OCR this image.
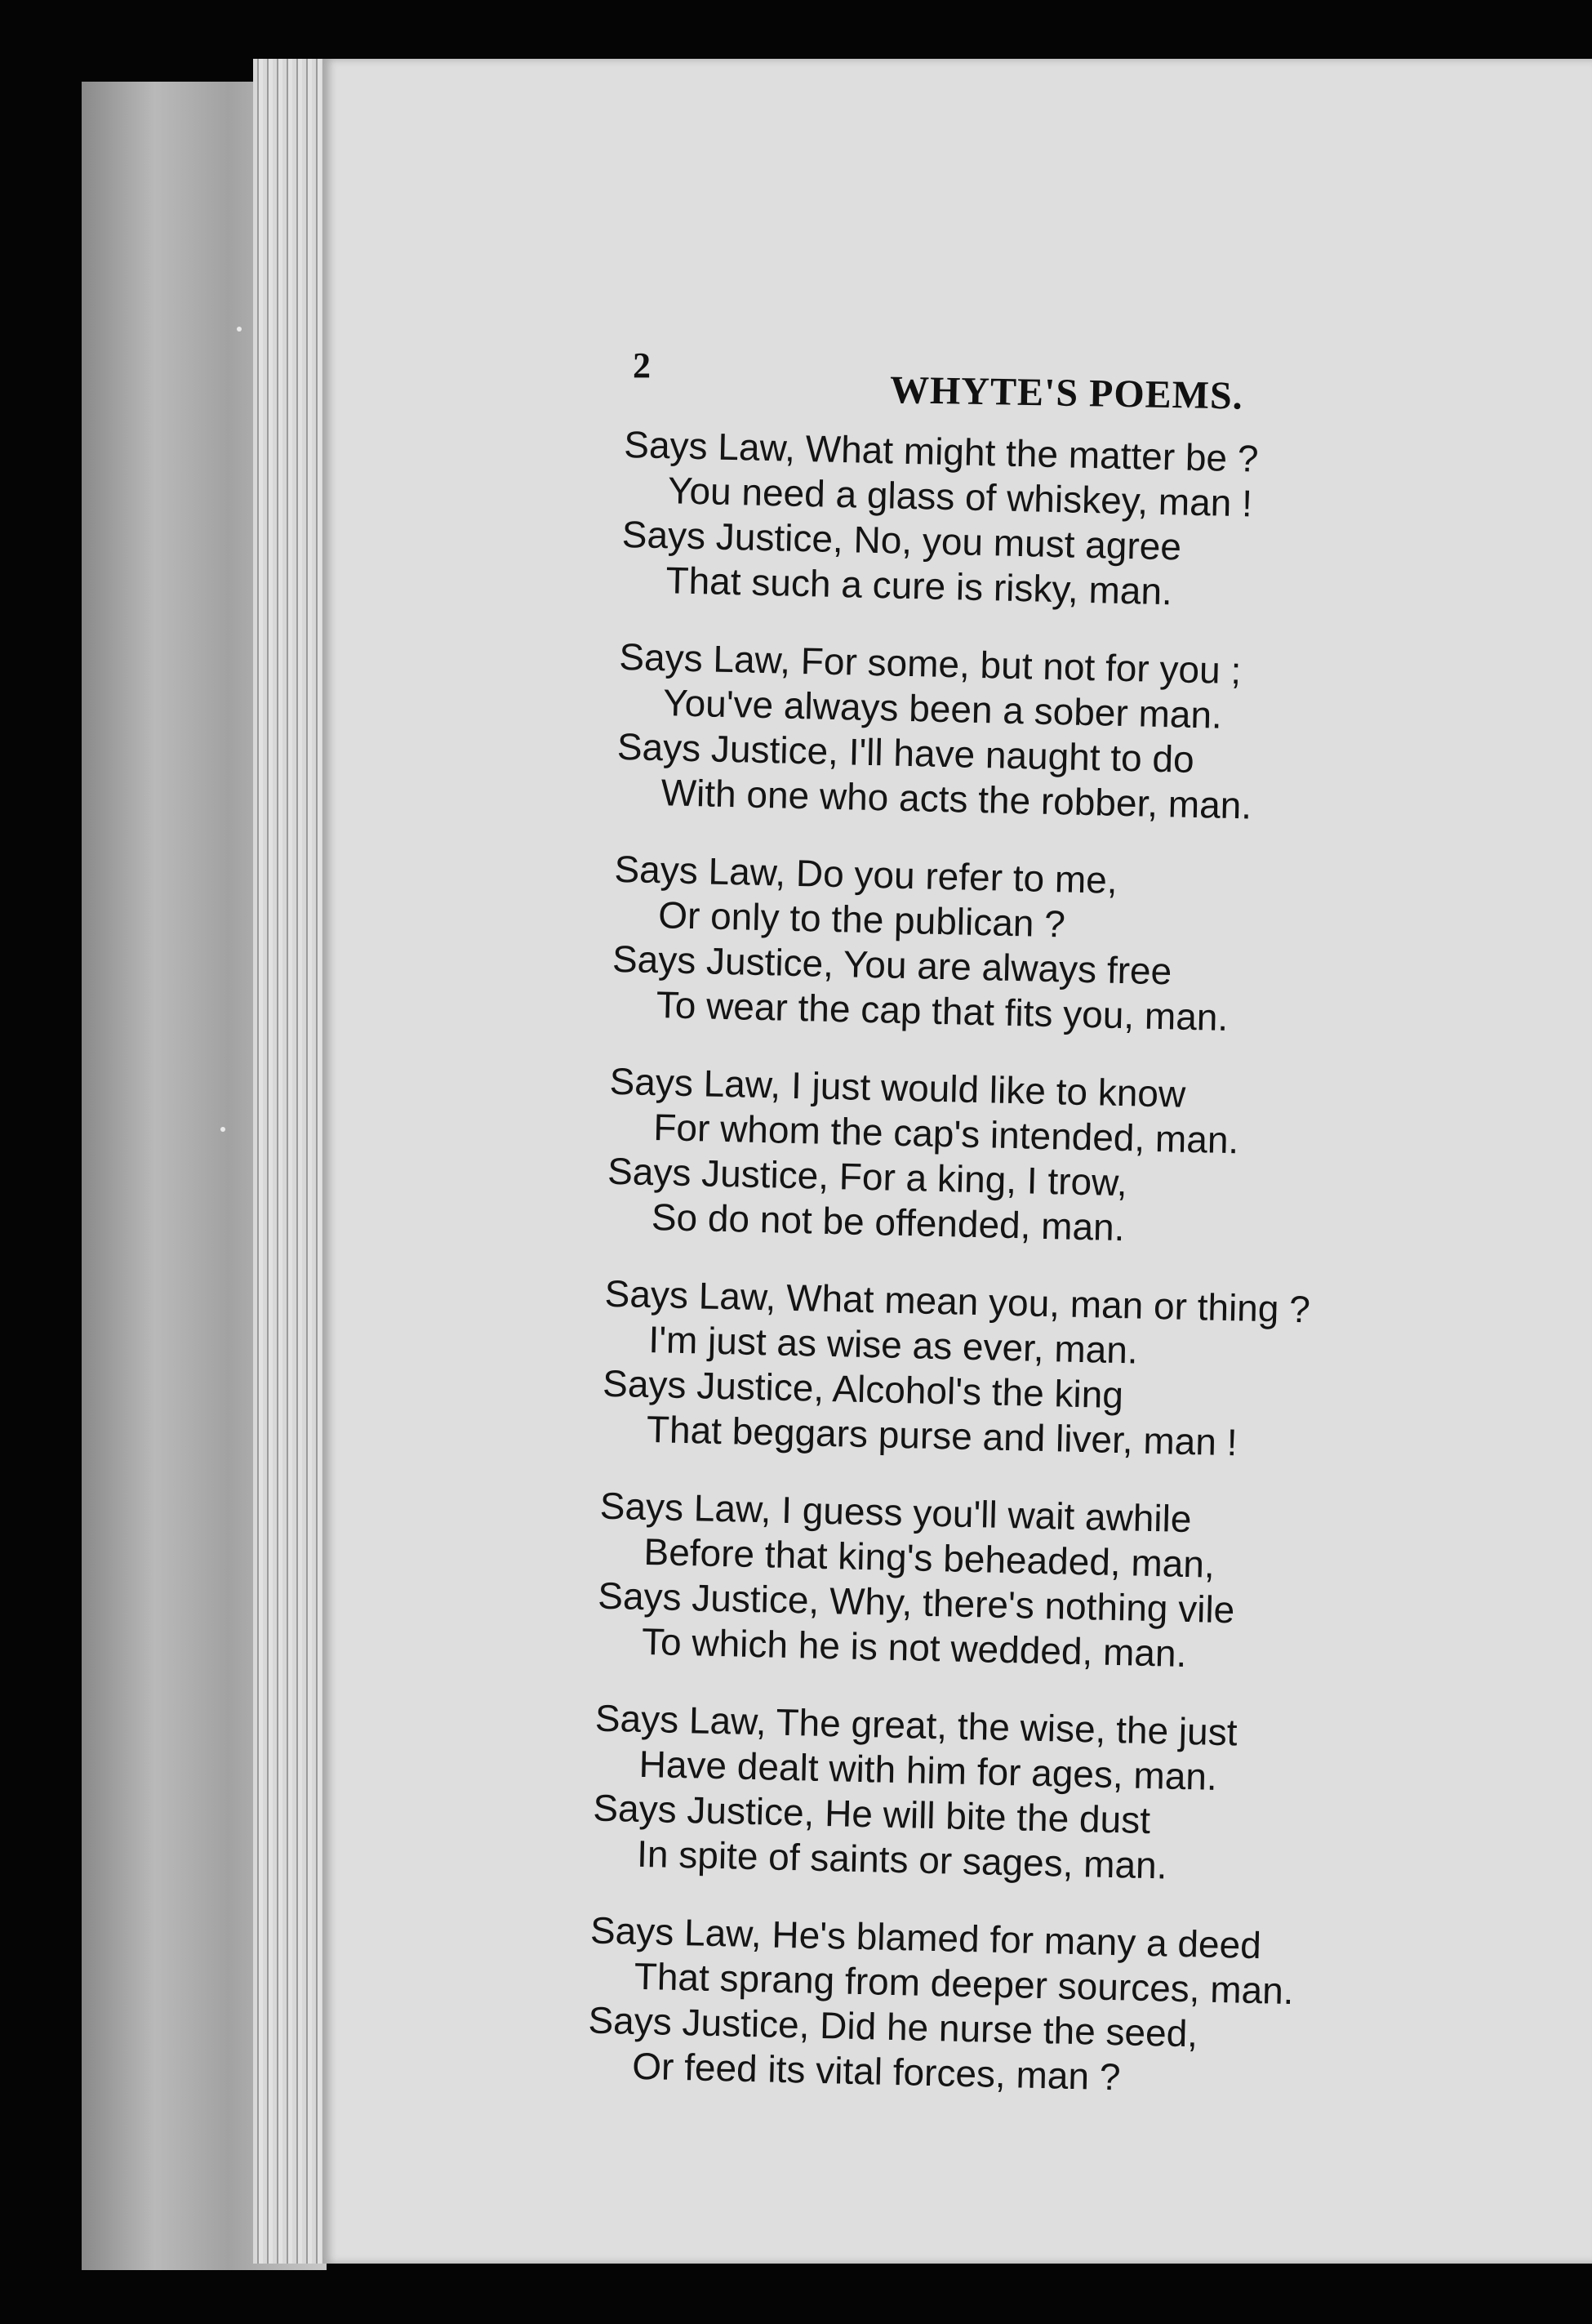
2
WHYTE'S POEMS.
Says Law, What might the matter be ?
You need a glass of whiskey, man !
Says Justice, No, you must agree
That such a cure is risky, man.
Says Law, For some, but not for you ;
You've always been a sober man.
Says Justice, I'll have naught to do
With one who acts the robber, man.
Says Law, Do you refer to me,
Or only to the publican ?
Says Justice, You are always free
To wear the cap that fits you, man.
Says Law, I just would like to know
For whom the cap's intended, man.
Says Justice, For a king, I trow,
So do not be offended, man.
Says Law, What mean you, man or thing ?
I'm just as wise as ever, man.
Says Justice, Alcohol's the king
That beggars purse and liver, man !
Says Law, I guess you'll wait awhile
Before that king's beheaded, man,
Says Justice, Why, there's nothing vile
To which he is not wedded, man.
Says Law, The great, the wise, the just
Have dealt with him for ages, man.
Says Justice, He will bite the dust
In spite of saints or sages, man.
Says Law, He's blamed for many a deed
That sprang from deeper sources, man.
Says Justice, Did he nurse the seed,
Or feed its vital forces, man ?
